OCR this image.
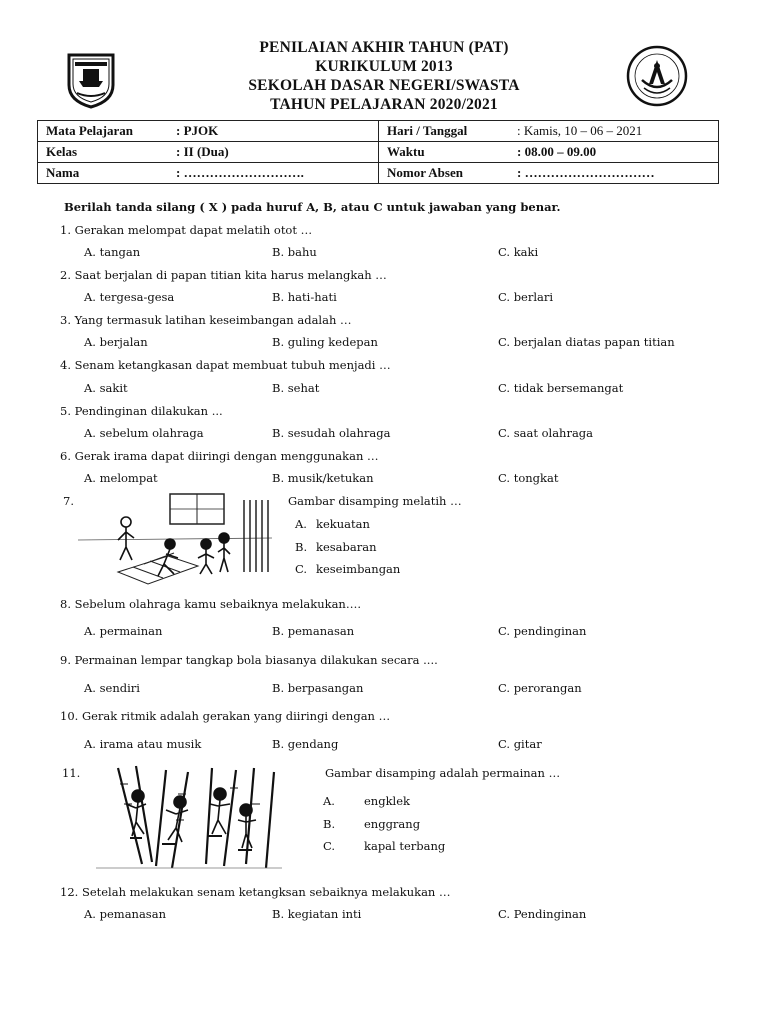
PENILAIAN AKHIR TAHUN (PAT)
KURIKULUM 2013
SEKOLAH DASAR NEGERI/SWASTA
TAHUN PELAJARAN 2020/2021
Mata Pelajaran : PJOK	Hari / Tanggal : Kamis, 10 – 06 – 2021
Kelas : II (Dua)	Waktu : 08.00 – 09.00
Nama : ……………………….	Nomor Absen : …………………………
Berilah tanda silang ( X ) pada huruf A, B, atau C untuk jawaban yang benar.
1. Gerakan melompat dapat melatih otot …
A. tangan	B. bahu	C. kaki
2. Saat berjalan di papan titian kita harus melangkah …
A. tergesa-gesa	B. hati-hati	C. berlari
3. Yang termasuk latihan keseimbangan adalah …
A. berjalan	B. guling kedepan	C. berjalan diatas papan titian
4. Senam ketangkasan dapat membuat tubuh menjadi …
A. sakit	B. sehat	C. tidak bersemangat
5. Pendinginan dilakukan ...
A. sebelum olahraga	B. sesudah olahraga	C. saat olahraga
6. Gerak irama dapat diiringi dengan menggunakan …
A. melompat	B. musik/ketukan	C. tongkat
7.	Gambar disamping melatih …
A. kekuatan
B. kesabaran
C. keseimbangan
8. Sebelum olahraga kamu sebaiknya melakukan….
A. permainan	B. pemanasan	C. pendinginan
9. Permainan lempar tangkap bola biasanya dilakukan secara ....
A. sendiri	B. berpasangan	C. perorangan
10. Gerak ritmik adalah gerakan yang diiringi dengan …
A. irama atau musik	B. gendang	C. gitar
11.	Gambar disamping adalah permainan …
A.	engklek
B.	enggrang
C.	kapal terbang
12. Setelah melakukan senam ketangksan sebaiknya melakukan …
A. pemanasan	B. kegiatan inti	C. Pendinginan
